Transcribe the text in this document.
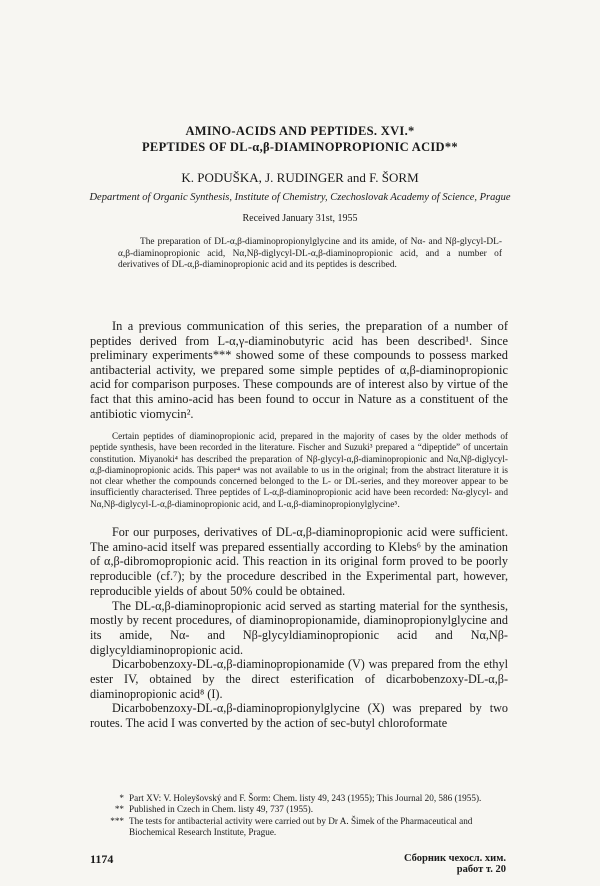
AMINO-ACIDS AND PEPTIDES. XVI.*
PEPTIDES OF DL-α,β-DIAMINOPROPIONIC ACID**
K. PODUŠKA, J. RUDINGER and F. ŠORM
Department of Organic Synthesis, Institute of Chemistry, Czechoslovak Academy of Science, Prague
Received January 31st, 1955
The preparation of DL-α,β-diaminopropionylglycine and its amide, of Nα- and Nβ-glycyl-DL-α,β-diaminopropionic acid, Nα,Nβ-diglycyl-DL-α,β-diaminopropionic acid, and a number of derivatives of DL-α,β-diaminopropionic acid and its peptides is described.
In a previous communication of this series, the preparation of a number of peptides derived from L-α,γ-diaminobutyric acid has been described¹. Since preliminary experiments*** showed some of these compounds to possess marked antibacterial activity, we prepared some simple peptides of α,β-diaminopropionic acid for comparison purposes. These compounds are of interest also by virtue of the fact that this amino-acid has been found to occur in Nature as a constituent of the antibiotic viomycin².
Certain peptides of diaminopropionic acid, prepared in the majority of cases by the older methods of peptide synthesis, have been recorded in the literature. Fischer and Suzuki³ prepared a “dipeptide” of uncertain constitution. Miyanoki⁴ has described the preparation of Nβ-glycyl-α,β-diaminopropionic and Nα,Nβ-diglycyl-α,β-diaminopropionic acids. This paper⁴ was not available to us in the original; from the abstract literature it is not clear whether the compounds concerned belonged to the L- or DL-series, and they moreover appear to be insufficiently characterised. Three peptides of L-α,β-diaminopropionic acid have been recorded: Nα-glycyl- and Nα,Nβ-diglycyl-L-α,β-diaminopropionic acid, and L-α,β-diaminopropionylglycine⁵.

For our purposes, derivatives of DL-α,β-diaminopropionic acid were sufficient. The amino-acid itself was prepared essentially according to Klebs⁶ by the amination of α,β-dibromopropionic acid. This reaction in its original form proved to be poorly reproducible (cf.⁷); by the procedure described in the Experimental part, however, reproducible yields of about 50% could be obtained.

The DL-α,β-diaminopropionic acid served as starting material for the synthesis, mostly by recent procedures, of diaminopropionamide, diaminopropionylglycine and its amide, Nα- and Nβ-glycyldiaminopropionic acid and Nα,Nβ-diglycyldiaminopropionic acid.

Dicarbobenzoxy-DL-α,β-diaminopropionamide (V) was prepared from the ethyl ester IV, obtained by the direct esterification of dicarbobenzoxy-DL-α,β-diaminopropionic acid⁸ (I).

Dicarbobenzoxy-DL-α,β-diaminopropionylglycine (X) was prepared by two routes. The acid I was converted by the action of sec-butyl chloroformate

* Part XV: V. Holeyšovský and F. Šorm: Chem. listy 49, 243 (1955); This Journal 20, 586 (1955).
** Published in Czech in Chem. listy 49, 737 (1955).
*** The tests for antibacterial activity were carried out by Dr A. Šimek of the Pharmaceutical and Biochemical Research Institute, Prague.
1174	Сборник чехосл. хим. работ т. 20
